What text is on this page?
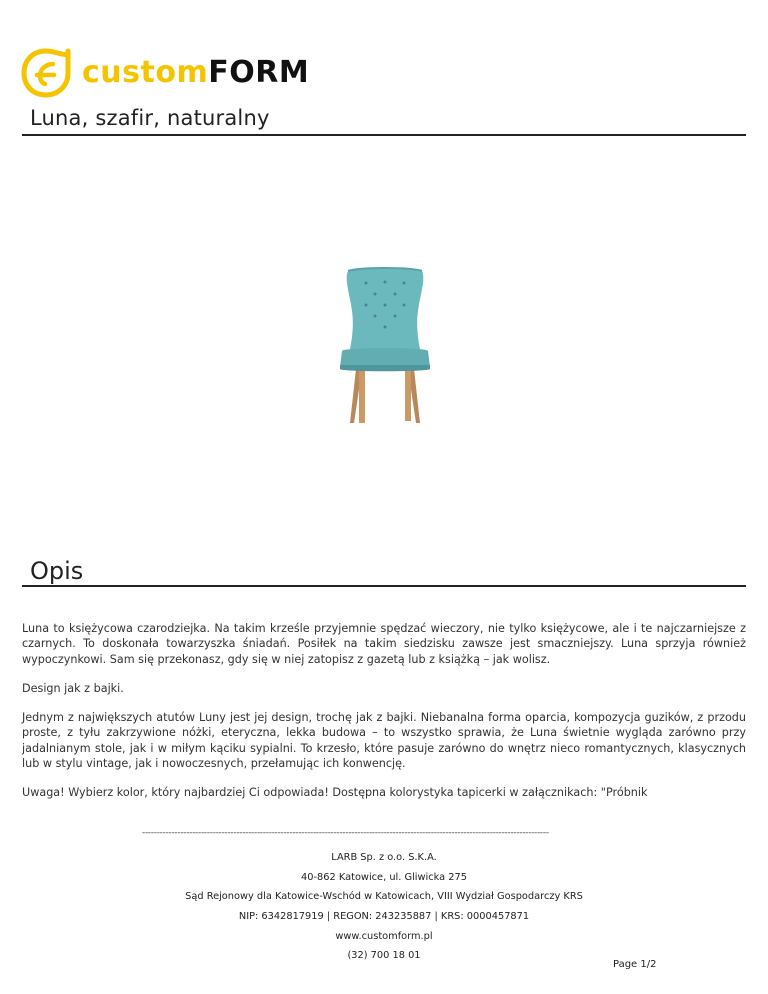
customFORM
Luna, szafir, naturalny
Opis

Luna to księżycowa czarodziejka. Na takim krześle przyjemnie spędzać wieczory, nie tylko księżycowe, ale i te najczarniejsze z czarnych. To doskonała towarzyszka śniadań. Posiłek na takim siedzisku zawsze jest smaczniejszy. Luna sprzyja również wypoczynkowi. Sam się przekonasz, gdy się w niej zatopisz z gazetą lub z książką – jak wolisz.

Design jak z bajki.

Jednym z największych atutów Luny jest jej design, trochę jak z bajki. Niebanalna forma oparcia, kompozycja guzików, z przodu proste, z tyłu zakrzywione nóżki, eteryczna, lekka budowa – to wszystko sprawia, że Luna świetnie wygląda zarówno przy jadalnianym stole, jak i w miłym kąciku sypialni. To krzesło, które pasuje zarówno do wnętrz nieco romantycznych, klasycznych lub w stylu vintage, jak i nowoczesnych, przełamując ich konwencję.

Uwaga! Wybierz kolor, który najbardziej Ci odpowiada! Dostępna kolorystyka tapicerki w załącznikach: "Próbnik

------------------------------------------------------------------------------------------------------------------------------------------
LARB Sp. z o.o. S.K.A.
40-862 Katowice, ul. Gliwicka 275
Sąd Rejonowy dla Katowice-Wschód w Katowicach, VIII Wydział Gospodarczy KRS
NIP: 6342817919 | REGON: 243235887 | KRS: 0000457871
www.customform.pl
(32) 700 18 01
Page 1/2
